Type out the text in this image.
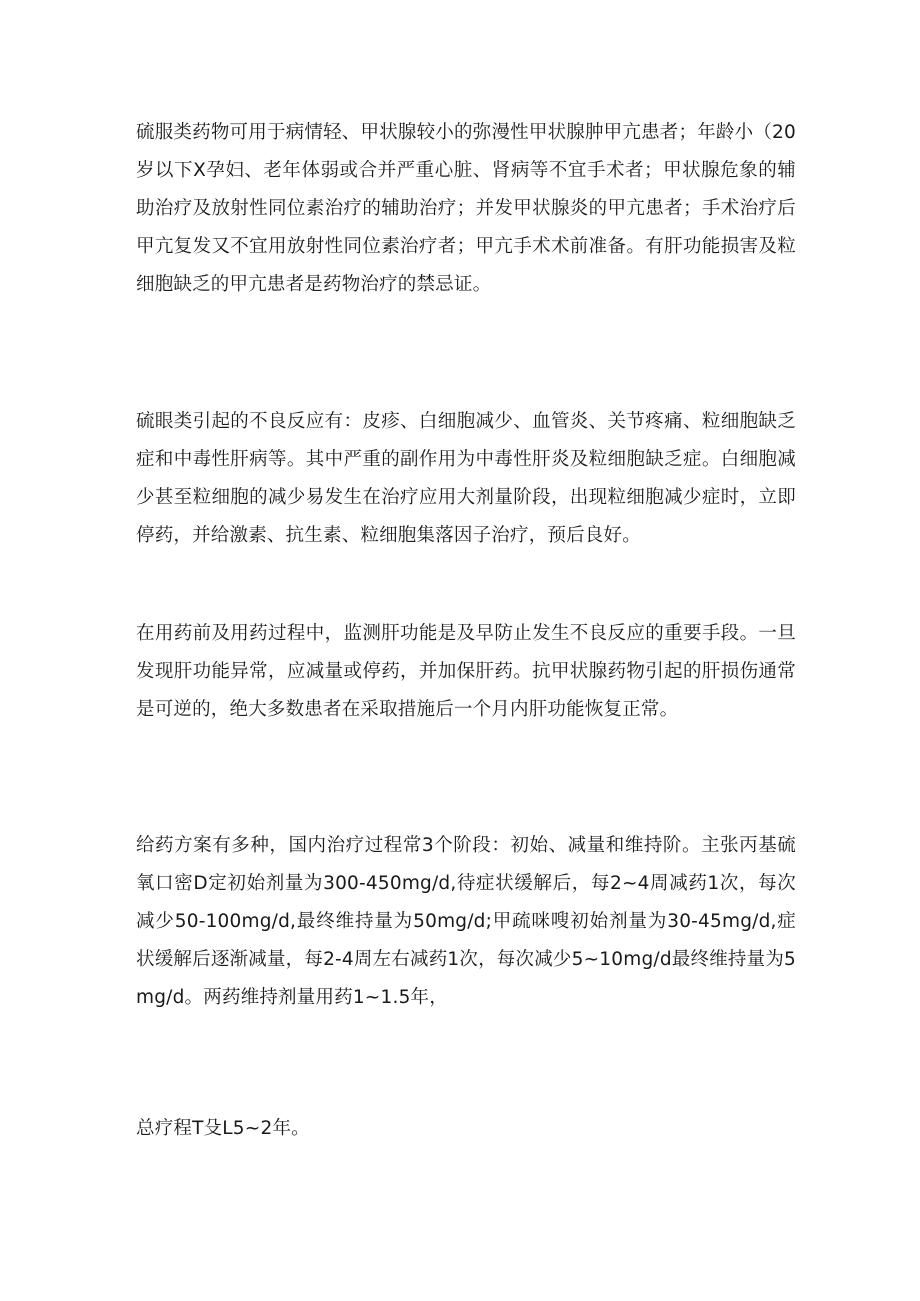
硫服类药物可用于病情轻、甲状腺较小的弥漫性甲状腺肿甲亢患者；年龄小（20岁以下X孕妇、老年体弱或合并严重心脏、肾病等不宜手术者；甲状腺危象的辅助治疗及放射性同位素治疗的辅助治疗；并发甲状腺炎的甲亢患者；手术治疗后甲亢复发又不宜用放射性同位素治疗者；甲亢手术术前准备。有肝功能损害及粒细胞缺乏的甲亢患者是药物治疗的禁忌证。

硫眼类引起的不良反应有：皮疹、白细胞减少、血管炎、关节疼痛、粒细胞缺乏症和中毒性肝病等。其中严重的副作用为中毒性肝炎及粒细胞缺乏症。白细胞减少甚至粒细胞的减少易发生在治疗应用大剂量阶段，出现粒细胞减少症时，立即停药，并给激素、抗生素、粒细胞集落因子治疗，预后良好。

在用药前及用药过程中，监测肝功能是及早防止发生不良反应的重要手段。一旦发现肝功能异常，应减量或停药，并加保肝药。抗甲状腺药物引起的肝损伤通常是可逆的，绝大多数患者在采取措施后一个月内肝功能恢复正常。

给药方案有多种，国内治疗过程常3个阶段：初始、减量和维持阶。主张丙基硫氧口密D定初始剂量为300-450mg∕d,待症状缓解后，每2~4周减药1次，每次减少50-100mg∕d,最终维持量为50mg∕d;甲疏咪嗖初始剂量为30-45mg∕d,症状缓解后逐渐减量，每2-4周左右减药1次，每次减少5~10mg∕d最终维持量为5mg∕d。两药维持剂量用药1~1.5年，

总疗程T殳L5~2年。
